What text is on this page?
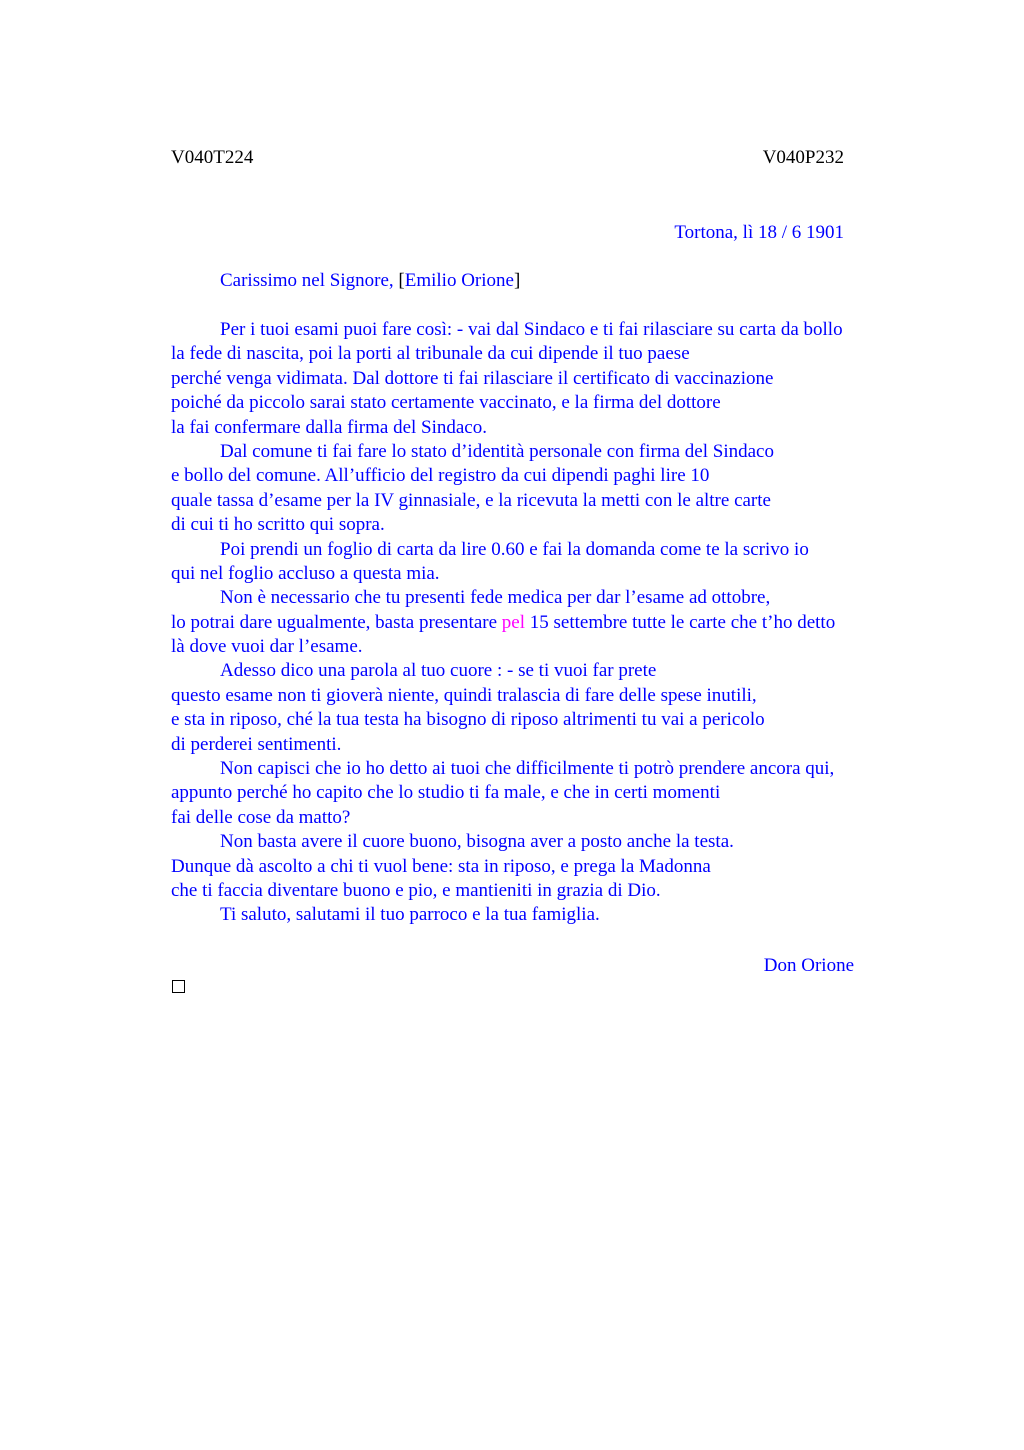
V040T224	V040P232
Tortona, lì 18 / 6 1901
Carissimo nel Signore, [Emilio Orione]
Per i tuoi esami puoi fare così: - vai dal Sindaco e ti fai rilasciare su carta da bollo
la fede di nascita, poi la porti al tribunale da cui dipende il tuo paese
perché venga vidimata. Dal dottore ti fai rilasciare il certificato di vaccinazione
poiché da piccolo sarai stato certamente vaccinato, e la firma del dottore
la fai confermare dalla firma del Sindaco.
Dal comune ti fai fare lo stato d’identità personale con firma del Sindaco
e bollo del comune. All’ufficio del registro da cui dipendi paghi lire 10
quale tassa d’esame per la IV ginnasiale, e la ricevuta la metti con le altre carte
di cui ti ho scritto qui sopra.
Poi prendi un foglio di carta da lire 0.60 e fai la domanda come te la scrivo io
qui nel foglio accluso a questa mia.
Non è necessario che tu presenti fede medica per dar l’esame ad ottobre,
lo potrai dare ugualmente, basta presentare pel 15 settembre tutte le carte che t’ho detto
là dove vuoi dar l’esame.
Adesso dico una parola al tuo cuore : - se ti vuoi far prete
questo esame non ti gioverà niente, quindi tralascia di fare delle spese inutili,
e sta in riposo, ché la tua testa ha bisogno di riposo altrimenti tu vai a pericolo
di perderei sentimenti.
Non capisci che io ho detto ai tuoi che difficilmente ti potrò prendere ancora qui,
appunto perché ho capito che lo studio ti fa male, e che in certi momenti
fai delle cose da matto?
Non basta avere il cuore buono, bisogna aver a posto anche la testa.
Dunque dà ascolto a chi ti vuol bene: sta in riposo, e prega la Madonna
che ti faccia diventare buono e pio, e mantieniti in grazia di Dio.
Ti saluto, salutami il tuo parroco e la tua famiglia.
Don Orione
